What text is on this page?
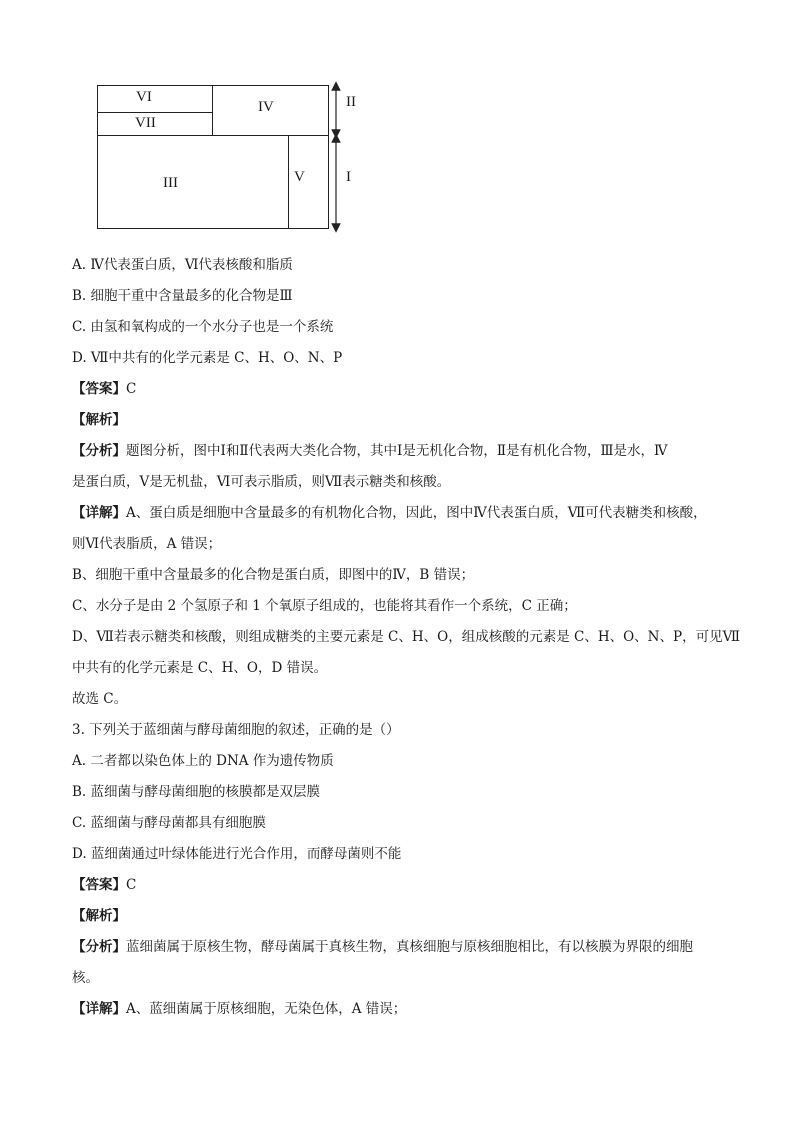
VI
VII
IV
III	V
II
I
A. Ⅳ代表蛋白质，Ⅵ代表核酸和脂质
B. 细胞干重中含量最多的化合物是Ⅲ
C. 由氢和氧构成的一个水分子也是一个系统
D. Ⅶ中共有的化学元素是 C、H、O、N、P
【答案】C
【解析】
【分析】题图分析，图中Ⅰ和Ⅱ代表两大类化合物，其中Ⅰ是无机化合物，Ⅱ是有机化合物，Ⅲ是水，Ⅳ
是蛋白质，Ⅴ是无机盐，Ⅵ可表示脂质，则Ⅶ表示糖类和核酸。
【详解】A、蛋白质是细胞中含量最多的有机物化合物，因此，图中Ⅳ代表蛋白质，Ⅶ可代表糖类和核酸，
则Ⅵ代表脂质，A 错误；
B、细胞干重中含量最多的化合物是蛋白质，即图中的Ⅳ，B 错误；
C、水分子是由 2 个氢原子和 1 个氧原子组成的，也能将其看作一个系统，C 正确；
D、Ⅶ若表示糖类和核酸，则组成糖类的主要元素是 C、H、O，组成核酸的元素是 C、H、O、N、P，可见Ⅶ
中共有的化学元素是 C、H、O，D 错误。
故选 C。
3. 下列关于蓝细菌与酵母菌细胞的叙述，正确的是（）
A. 二者都以染色体上的 DNA 作为遗传物质
B. 蓝细菌与酵母菌细胞的核膜都是双层膜
C. 蓝细菌与酵母菌都具有细胞膜
D. 蓝细菌通过叶绿体能进行光合作用，而酵母菌则不能
【答案】C
【解析】
【分析】蓝细菌属于原核生物，酵母菌属于真核生物，真核细胞与原核细胞相比，有以核膜为界限的细胞
核。
【详解】A、蓝细菌属于原核细胞，无染色体，A 错误；
